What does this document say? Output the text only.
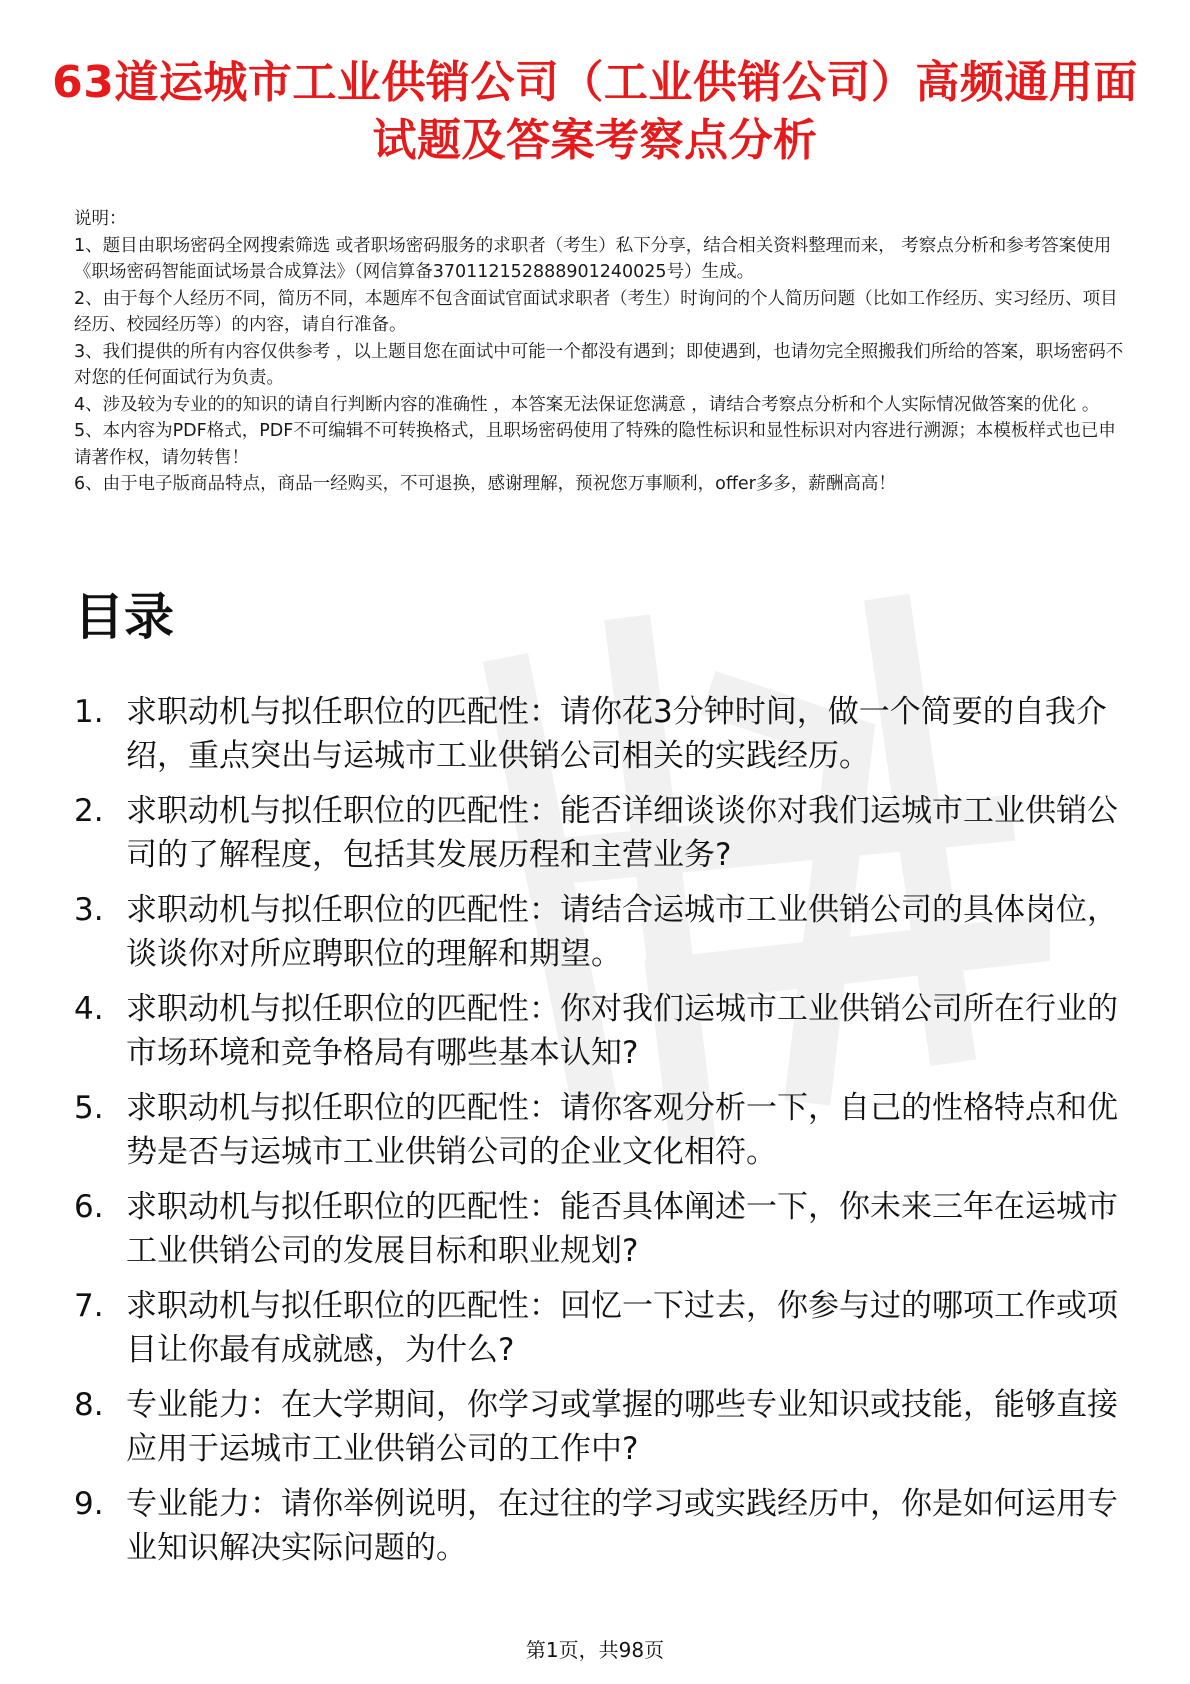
63道运城市工业供销公司（工业供销公司）高频通用面试题及答案考察点分析
说明：
1、题目由职场密码全网搜索筛选 或者职场密码服务的求职者（考生）私下分享，结合相关资料整理而来， 考察点分析和参考答案使用《职场密码智能面试场景合成算法》（网信算备370112152888901240025号）生成。
2、由于每个人经历不同，简历不同，本题库不包含面试官面试求职者（考生）时询问的个人简历问题（比如工作经历、实习经历、项目经历、校园经历等）的内容，请自行准备。
3、我们提供的所有内容仅供参考 ，以上题目您在面试中可能一个都没有遇到；即使遇到，也请勿完全照搬我们所给的答案，职场密码不对您的任何面试行为负责。
4、涉及较为专业的的知识的请自行判断内容的准确性 ，本答案无法保证您满意 ，请结合考察点分析和个人实际情况做答案的优化 。
5、本内容为PDF格式，PDF不可编辑不可转换格式，且职场密码使用了特殊的隐性标识和显性标识对内容进行溯源；本模板样式也已申请著作权，请勿转售！
6、由于电子版商品特点，商品一经购买，不可退换，感谢理解，预祝您万事顺利，offer多多，薪酬高高！
目录
1. 求职动机与拟任职位的匹配性：请你花3分钟时间，做一个简要的自我介绍，重点突出与运城市工业供销公司相关的实践经历。
2. 求职动机与拟任职位的匹配性：能否详细谈谈你对我们运城市工业供销公司的了解程度，包括其发展历程和主营业务?
3. 求职动机与拟任职位的匹配性：请结合运城市工业供销公司的具体岗位，谈谈你对所应聘职位的理解和期望。
4. 求职动机与拟任职位的匹配性：你对我们运城市工业供销公司所在行业的市场环境和竞争格局有哪些基本认知?
5. 求职动机与拟任职位的匹配性：请你客观分析一下，自己的性格特点和优势是否与运城市工业供销公司的企业文化相符。
6. 求职动机与拟任职位的匹配性：能否具体阐述一下，你未来三年在运城市工业供销公司的发展目标和职业规划?
7. 求职动机与拟任职位的匹配性：回忆一下过去，你参与过的哪项工作或项目让你最有成就感，为什么?
8. 专业能力：在大学期间，你学习或掌握的哪些专业知识或技能，能够直接应用于运城市工业供销公司的工作中?
9. 专业能力：请你举例说明，在过往的学习或实践经历中，你是如何运用专业知识解决实际问题的。
第1页，共98页
